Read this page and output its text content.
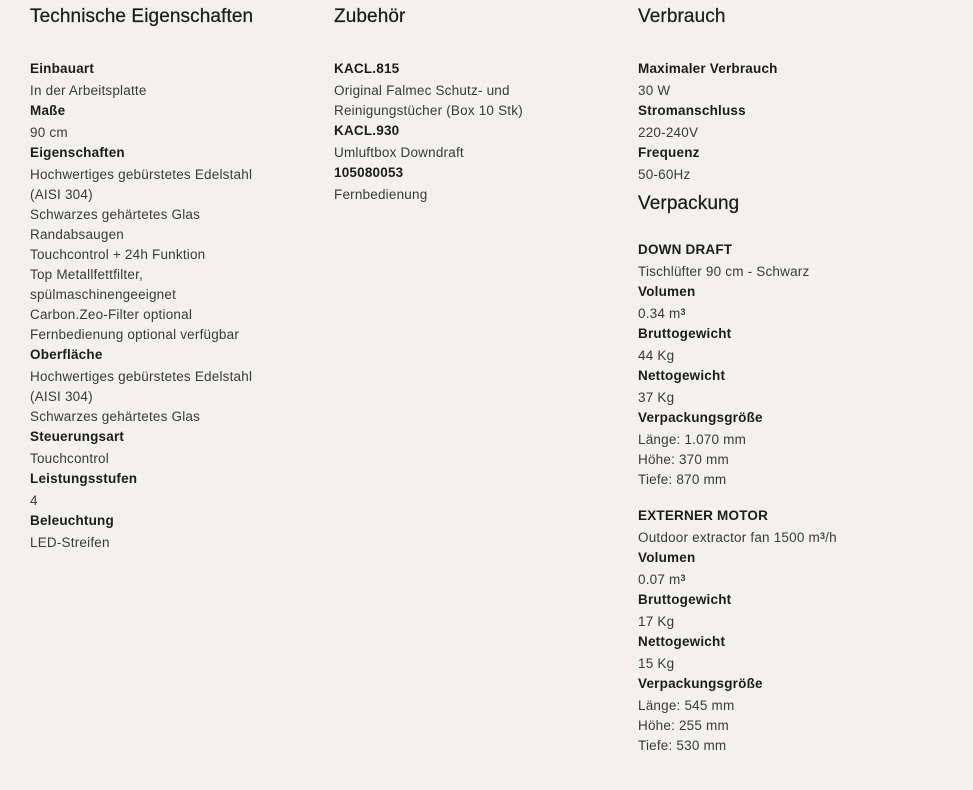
Technische Eigenschaften
Einbauart
In der Arbeitsplatte
Maße
90 cm
Eigenschaften
Hochwertiges gebürstetes Edelstahl
(AISI 304)
Schwarzes gehärtetes Glas
Randabsaugen
Touchcontrol + 24h Funktion
Top Metallfettfilter,
spülmaschinengeeignet
Carbon.Zeo-Filter optional
Fernbedienung optional verfügbar
Oberfläche
Hochwertiges gebürstetes Edelstahl
(AISI 304)
Schwarzes gehärtetes Glas
Steuerungsart
Touchcontrol
Leistungsstufen
4
Beleuchtung
LED-Streifen
Zubehör
KACL.815
Original Falmec Schutz- und
Reinigungstücher (Box 10 Stk)
KACL.930
Umluftbox Downdraft
105080053
Fernbedienung
Verbrauch
Maximaler Verbrauch
30 W
Stromanschluss
220-240V
Frequenz
50-60Hz
Verpackung
DOWN DRAFT
Tischlüfter 90 cm - Schwarz
Volumen
0.34 $m^3$
Bruttogewicht
44 Kg
Nettogewicht
37 Kg
Verpackungsgröße
Länge: 1.070 mm
Höhe: 370 mm
Tiefe: 870 mm
EXTERNER MOTOR
Outdoor extractor fan 1500 $m^3/h$
Volumen
0.07 $m^3$
Bruttogewicht
17 Kg
Nettogewicht
15 Kg
Verpackungsgröße
Länge: 545 mm
Höhe: 255 mm
Tiefe: 530 mm
